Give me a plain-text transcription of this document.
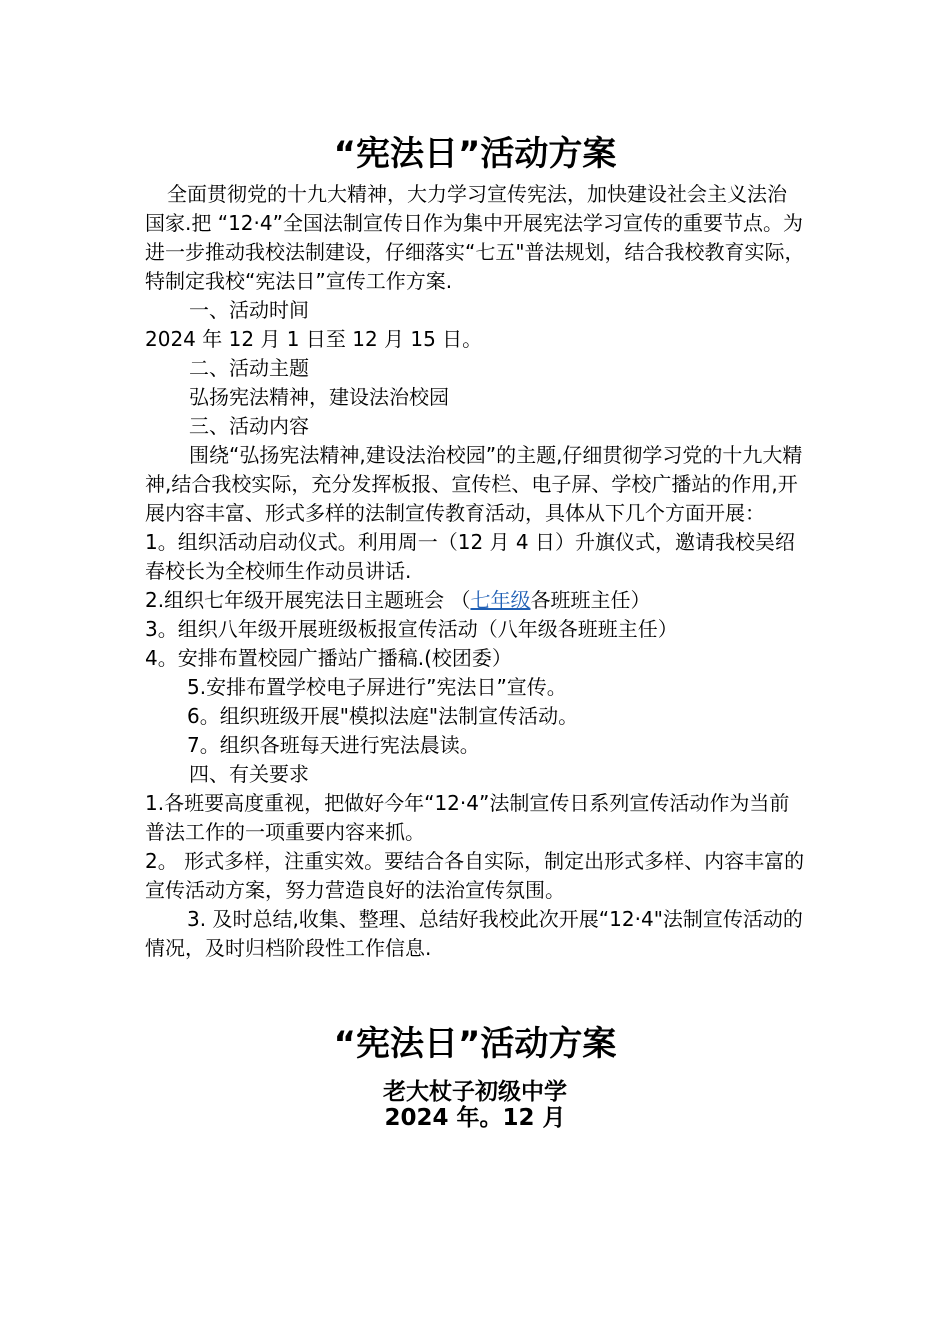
“宪法日”活动方案

全面贯彻党的十九大精神，大力学习宣传宪法，加快建设社会主义法治国家.把 “12·4”全国法制宣传日作为集中开展宪法学习宣传的重要节点。为进一步推动我校法制建设，仔细落实“七五"普法规划，结合我校教育实际，特制定我校“宪法日”宣传工作方案.

一、活动时间

2024 年 12 月 1 日至 12 月 15 日。

二、活动主题

弘扬宪法精神，建设法治校园

三、活动内容

围绕“弘扬宪法精神,建设法治校园”的主题,仔细贯彻学习党的十九大精神,结合我校实际，充分发挥板报、宣传栏、电子屏、学校广播站的作用,开展内容丰富、形式多样的法制宣传教育活动，具体从下几个方面开展：

1。组织活动启动仪式。利用周一（12 月 4 日）升旗仪式，邀请我校吴绍春校长为全校师生作动员讲话.

2.组织七年级开展宪法日主题班会 （七年级各班班主任）

3。组织八年级开展班级板报宣传活动（八年级各班班主任）

4。安排布置校园广播站广播稿.(校团委）

5.安排布置学校电子屏进行”宪法日”宣传。

6。组织班级开展"模拟法庭"法制宣传活动。

7。组织各班每天进行宪法晨读。

四、有关要求

1.各班要高度重视，把做好今年“12·4”法制宣传日系列宣传活动作为当前普法工作的一项重要内容来抓。

2。 形式多样，注重实效。要结合各自实际，制定出形式多样、内容丰富的宣传活动方案，努力营造良好的法治宣传氛围。

3. 及时总结,收集、整理、总结好我校此次开展“12·4"法制宣传活动的情况，及时归档阶段性工作信息.

“宪法日”活动方案
老大杖子初级中学
2024 年。12 月
